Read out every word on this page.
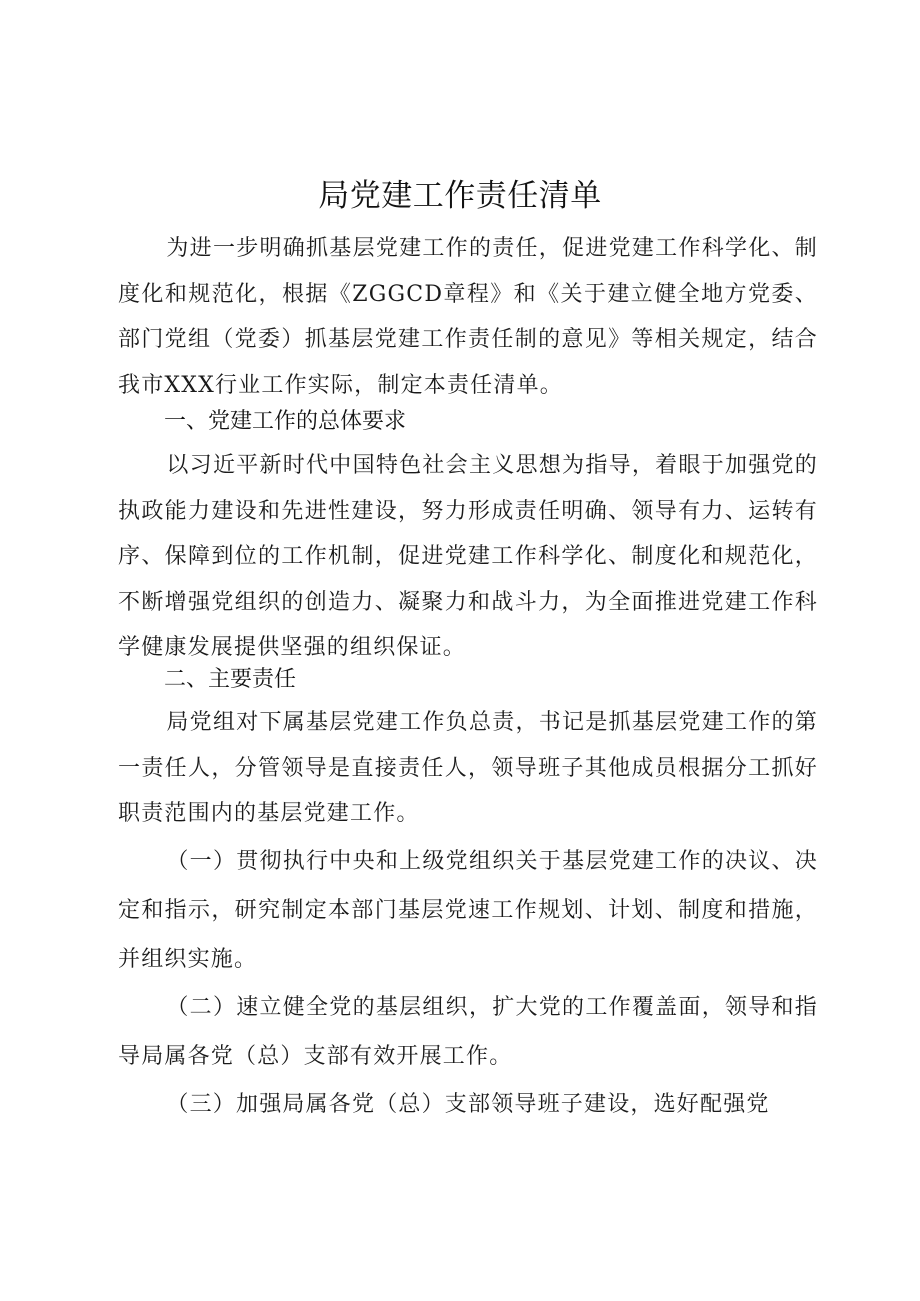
局党建工作责任清单
为进一步明确抓基层党建工作的责任，促进党建工作科学化、制度化和规范化，根据《ZGGCD章程》和《关于建立健全地方党委、部门党组（党委）抓基层党建工作责任制的意见》等相关规定，结合我市XXX行业工作实际，制定本责任清单。
一、党建工作的总体要求
以习近平新时代中国特色社会主义思想为指导，着眼于加强党的执政能力建设和先进性建设，努力形成责任明确、领导有力、运转有序、保障到位的工作机制，促进党建工作科学化、制度化和规范化，不断增强党组织的创造力、凝聚力和战斗力，为全面推进党建工作科学健康发展提供坚强的组织保证。
二、主要责任
局党组对下属基层党建工作负总责，书记是抓基层党建工作的第一责任人，分管领导是直接责任人，领导班子其他成员根据分工抓好职责范围内的基层党建工作。
（一）贯彻执行中央和上级党组织关于基层党建工作的决议、决定和指示，研究制定本部门基层党速工作规划、计划、制度和措施，并组织实施。
（二）速立健全党的基层组织，扩大党的工作覆盖面，领导和指导局属各党（总）支部有效开展工作。
（三）加强局属各党（总）支部领导班子建设，选好配强党
